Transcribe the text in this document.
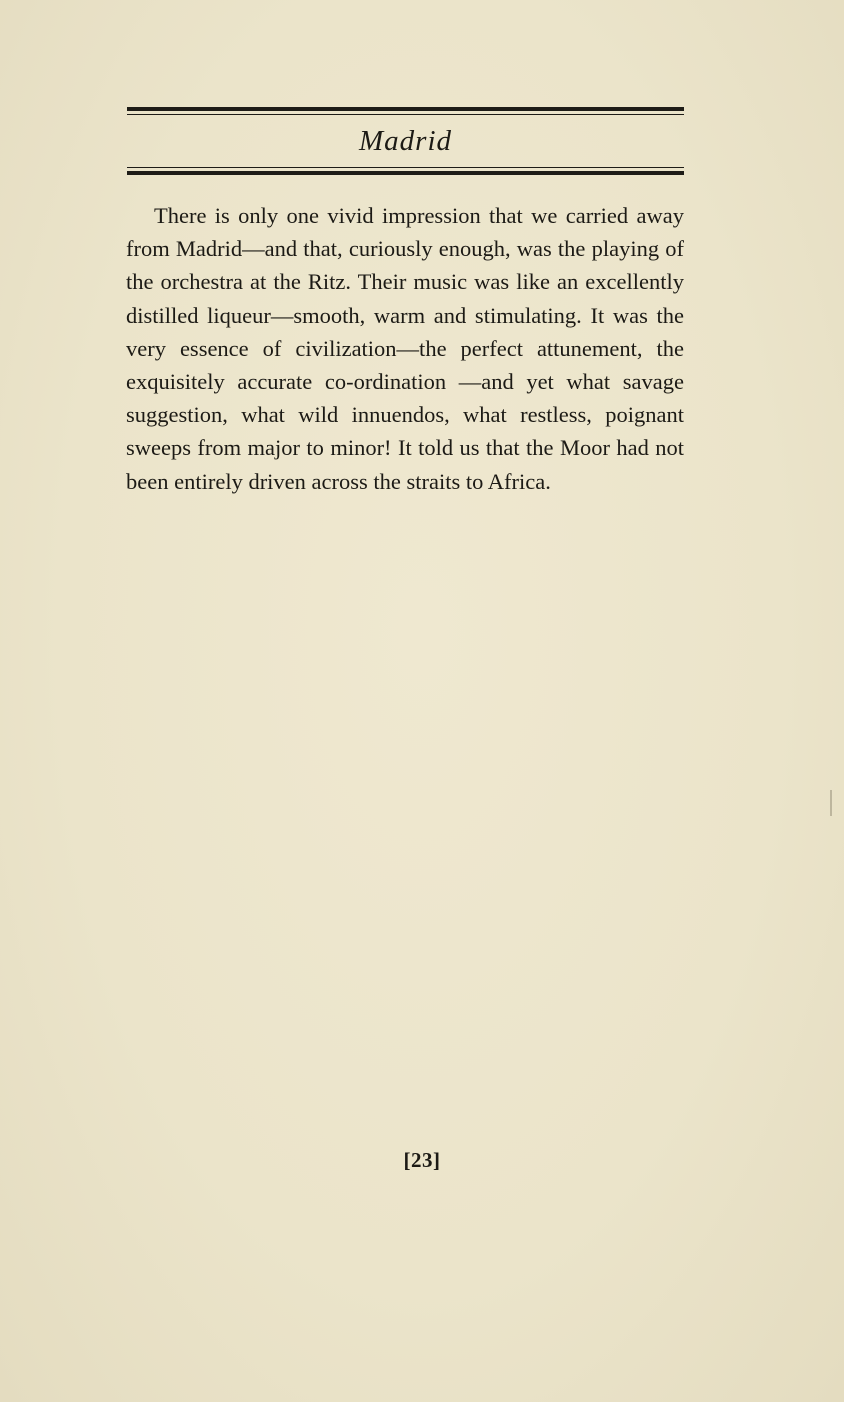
Madrid

There is only one vivid impression that we carried away from Madrid—and that, curiously enough, was the playing of the orchestra at the Ritz. Their music was like an excellently distilled liqueur—smooth, warm and stimulating. It was the very essence of civilization—the perfect attunement, the exquisitely accurate co-ordination —and yet what savage suggestion, what wild innuendos, what restless, poignant sweeps from major to minor! It told us that the Moor had not been entirely driven across the straits to Africa.

[23]
